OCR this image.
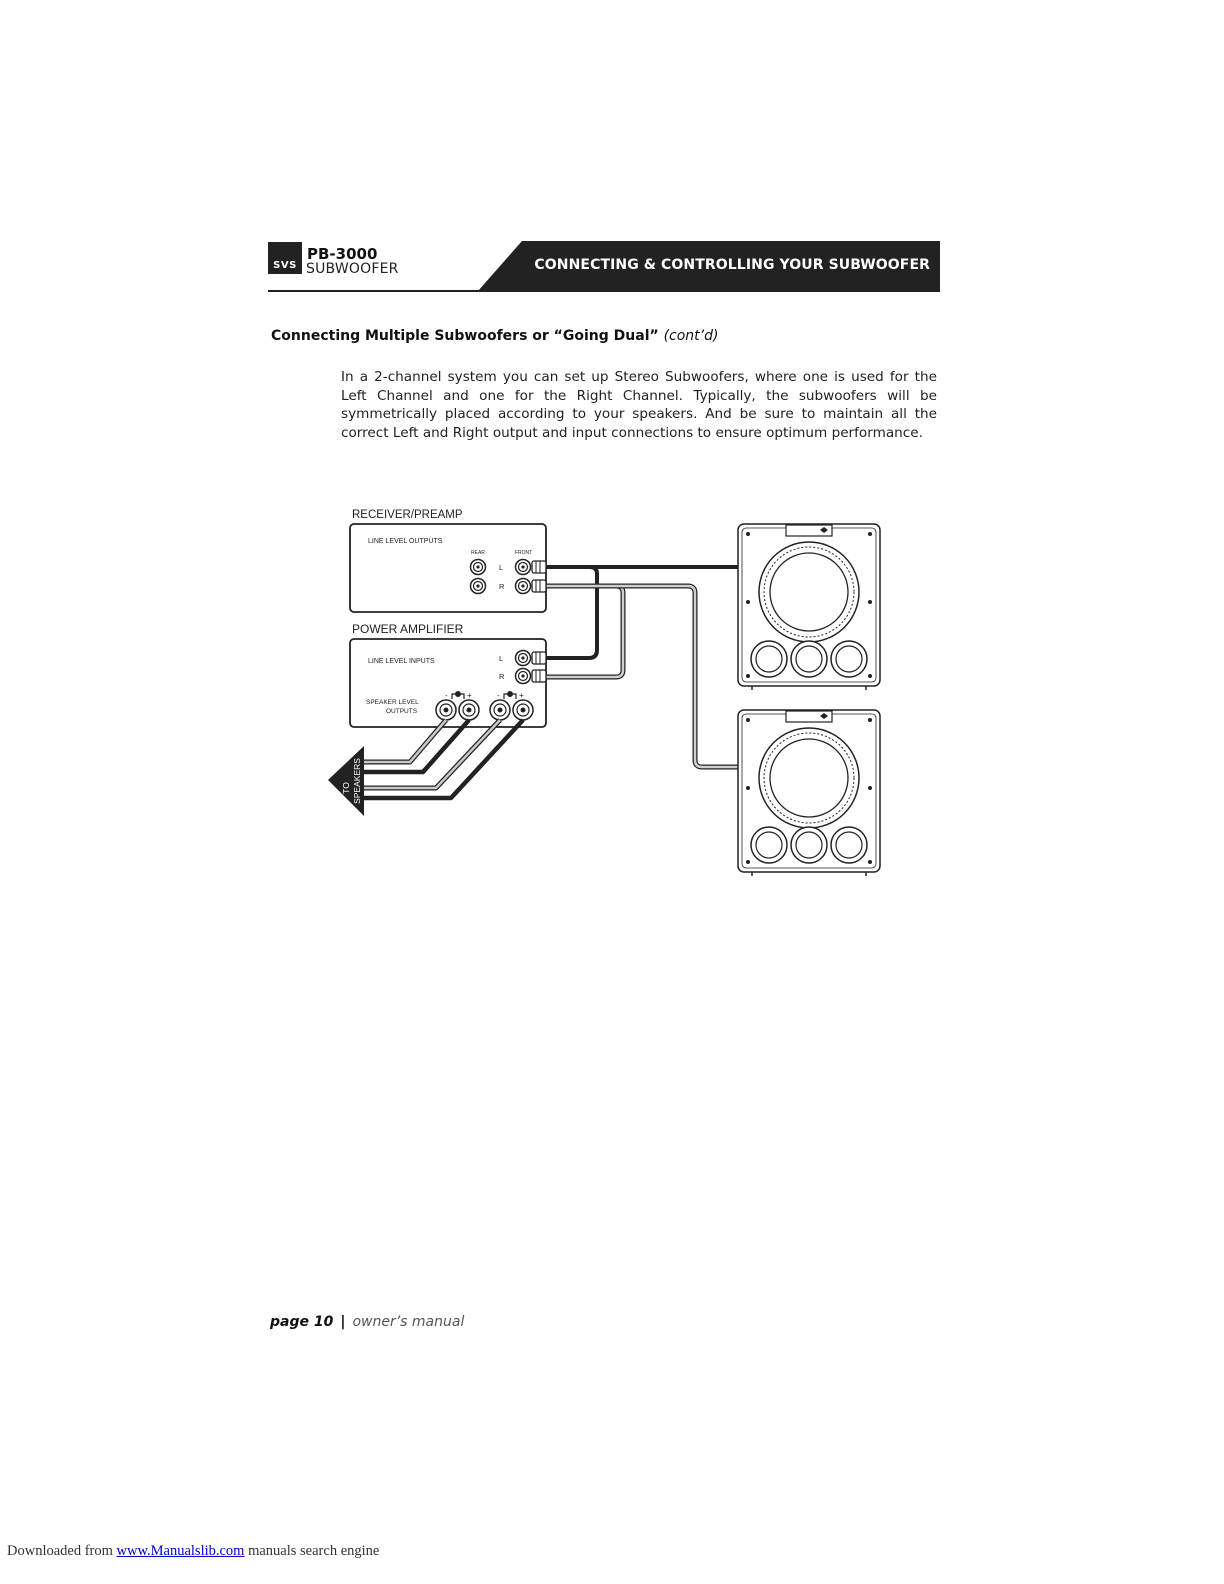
SVS
PB-3000
SUBWOOFER	CONNECTING & CONTROLLING YOUR SUBWOOFER
Connecting Multiple Subwoofers or “Going Dual” (cont’d)
In a 2-channel system you can set up Stereo Subwoofers, where one is used for the Left Channel and one for the Right Channel. Typically, the subwoofers will be symmetrically placed according to your speakers. And be sure to maintain all the correct Left and Right output and input connections to ensure optimum performance.
RECEIVER/PREAMP
LINE LEVEL OUTPUTS
REAR	FRONT
L
R
POWER AMPLIFIER
LINE LEVEL INPUTS	L
R
SPEAKER LEVEL
OUTPUTS
- +	- +
TO SPEAKERS
page 10 | owner’s manual
Downloaded from www.Manualslib.com manuals search engine
